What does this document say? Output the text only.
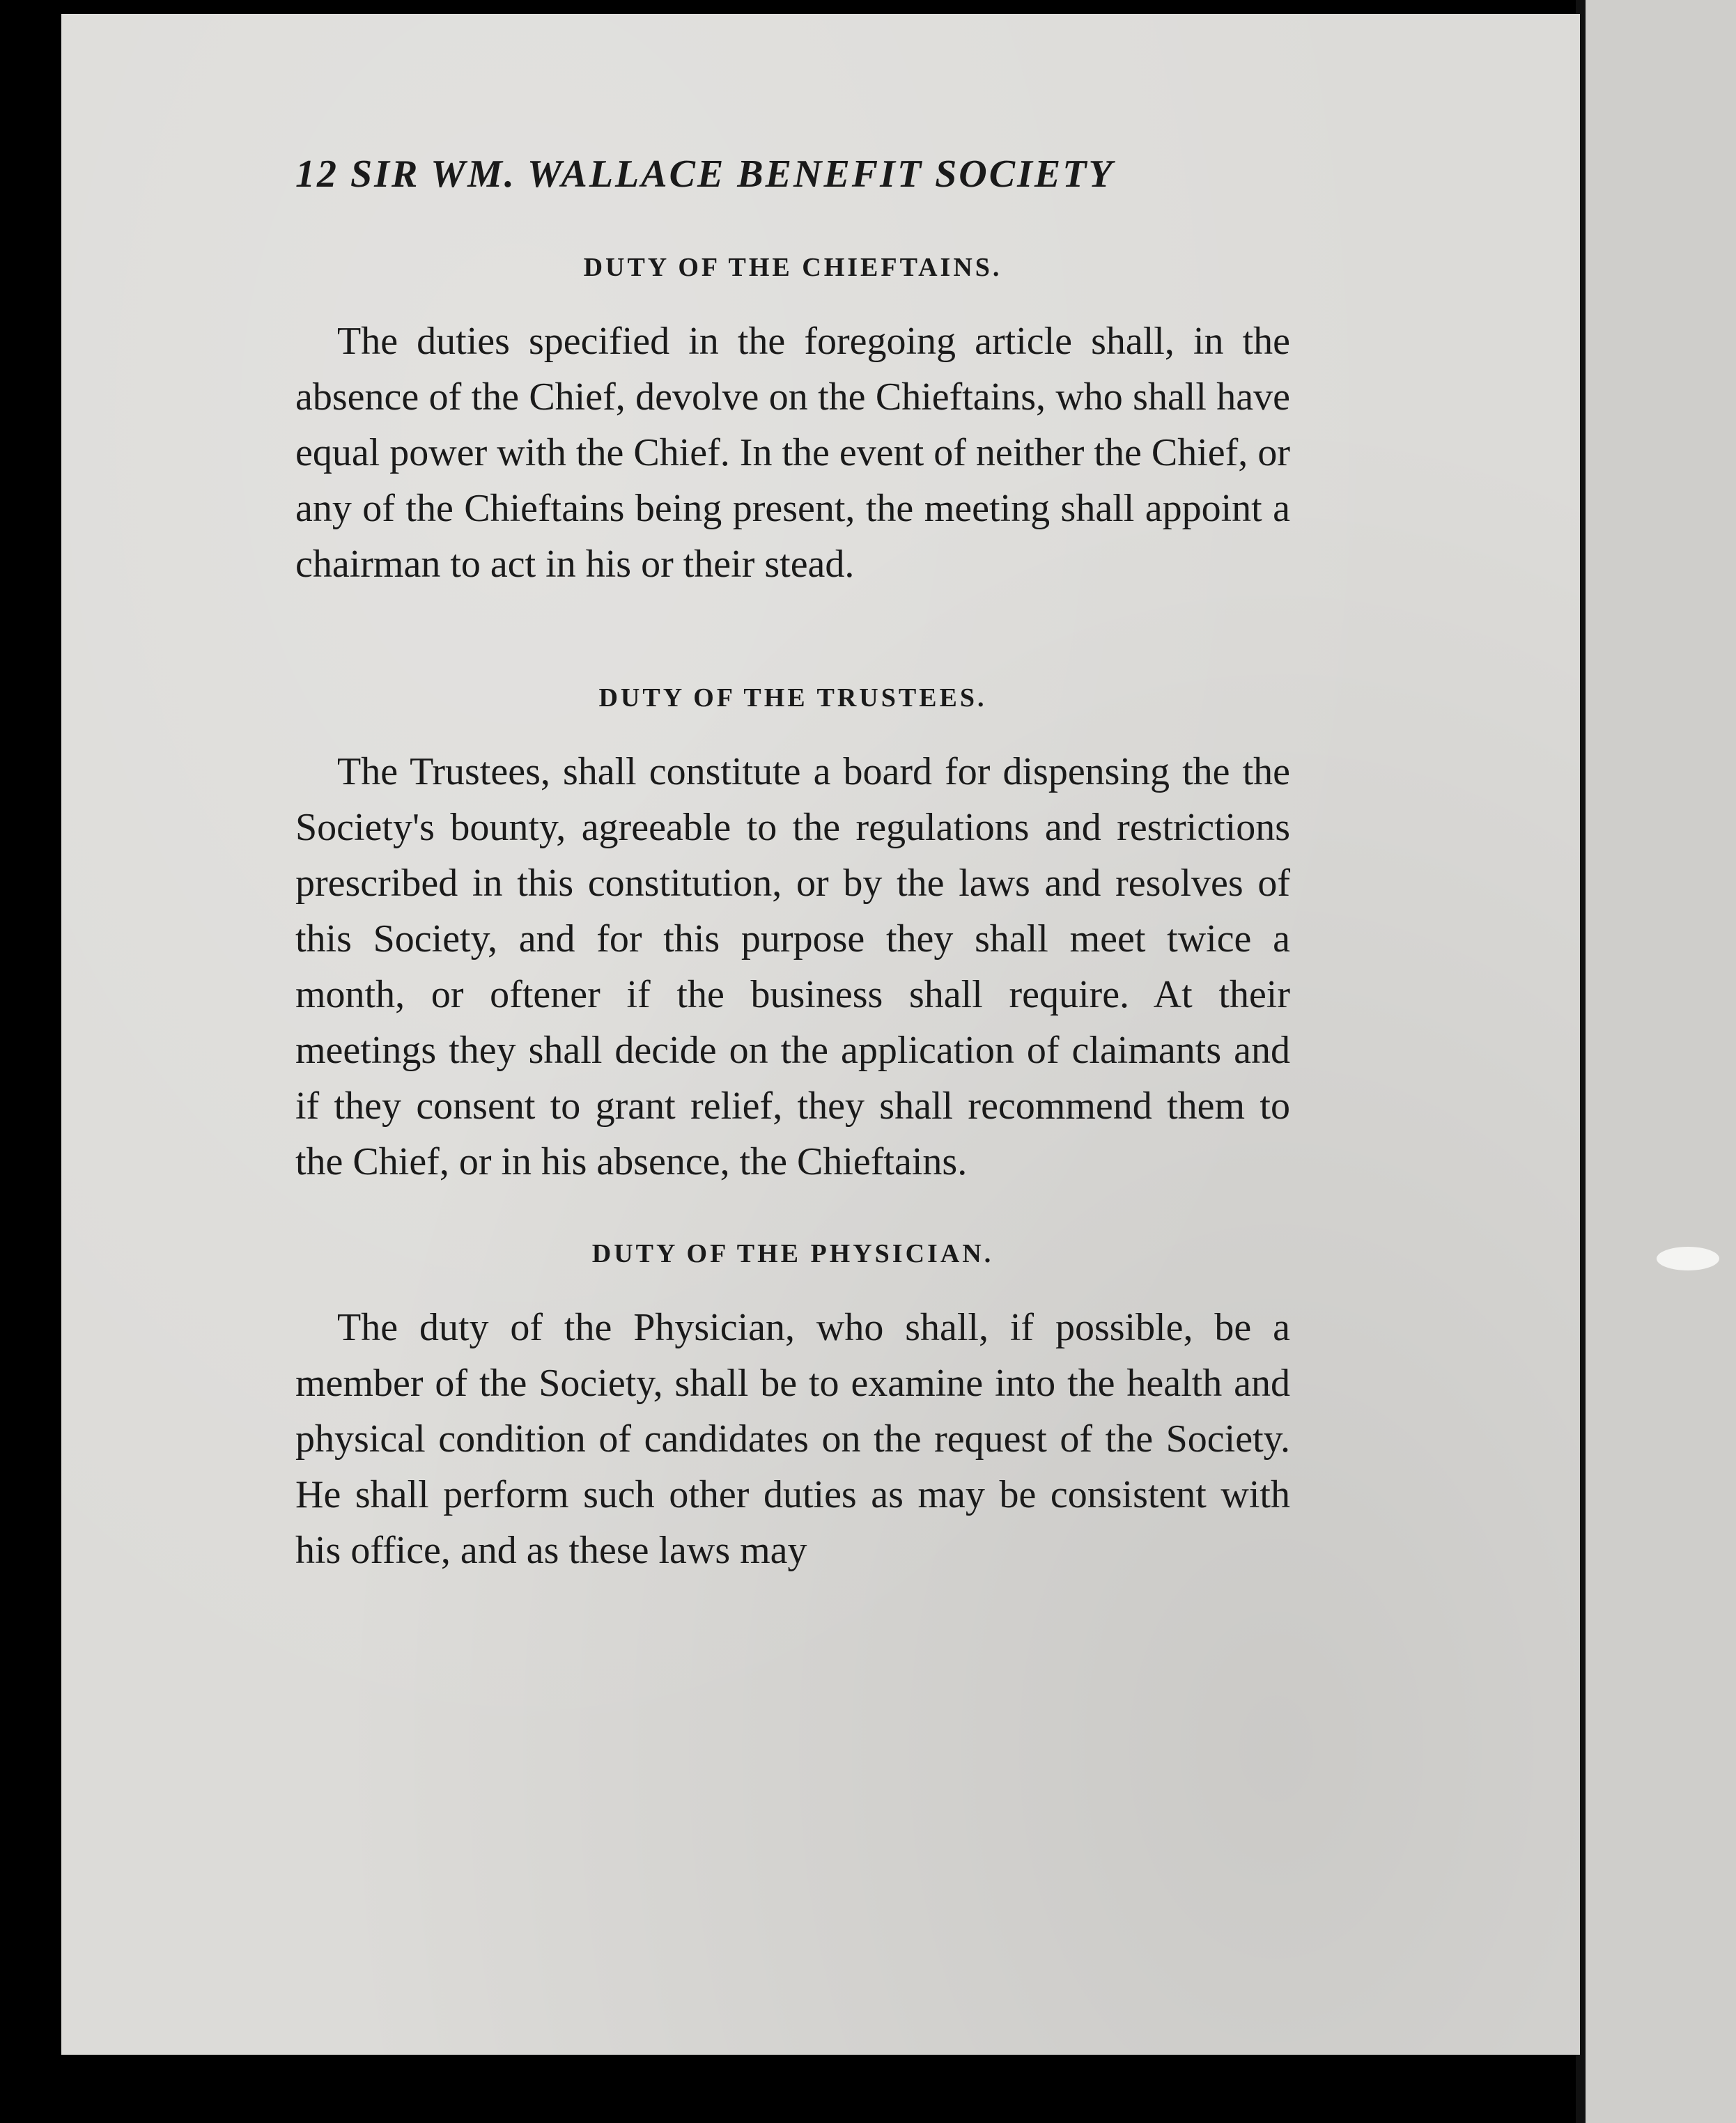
12 SIR WM. WALLACE BENEFIT SOCIETY
DUTY OF THE CHIEFTAINS.

The duties specified in the foregoing article shall, in the absence of the Chief, devolve on the Chieftains, who shall have equal power with the Chief. In the event of neither the Chief, or any of the Chieftains being present, the meeting shall appoint a chairman to act in his or their stead.

DUTY OF THE TRUSTEES.

The Trustees, shall constitute a board for dispensing the the Society's bounty, agreeable to the regulations and restrictions prescribed in this constitution, or by the laws and resolves of this Society, and for this purpose they shall meet twice a month, or oftener if the business shall require. At their meetings they shall decide on the application of claimants and if they consent to grant relief, they shall recommend them to the Chief, or in his absence, the Chieftains.

DUTY OF THE PHYSICIAN.

The duty of the Physician, who shall, if possible, be a member of the Society, shall be to examine into the health and physical condition of candidates on the request of the Society. He shall perform such other duties as may be consistent with his office, and as these laws may
